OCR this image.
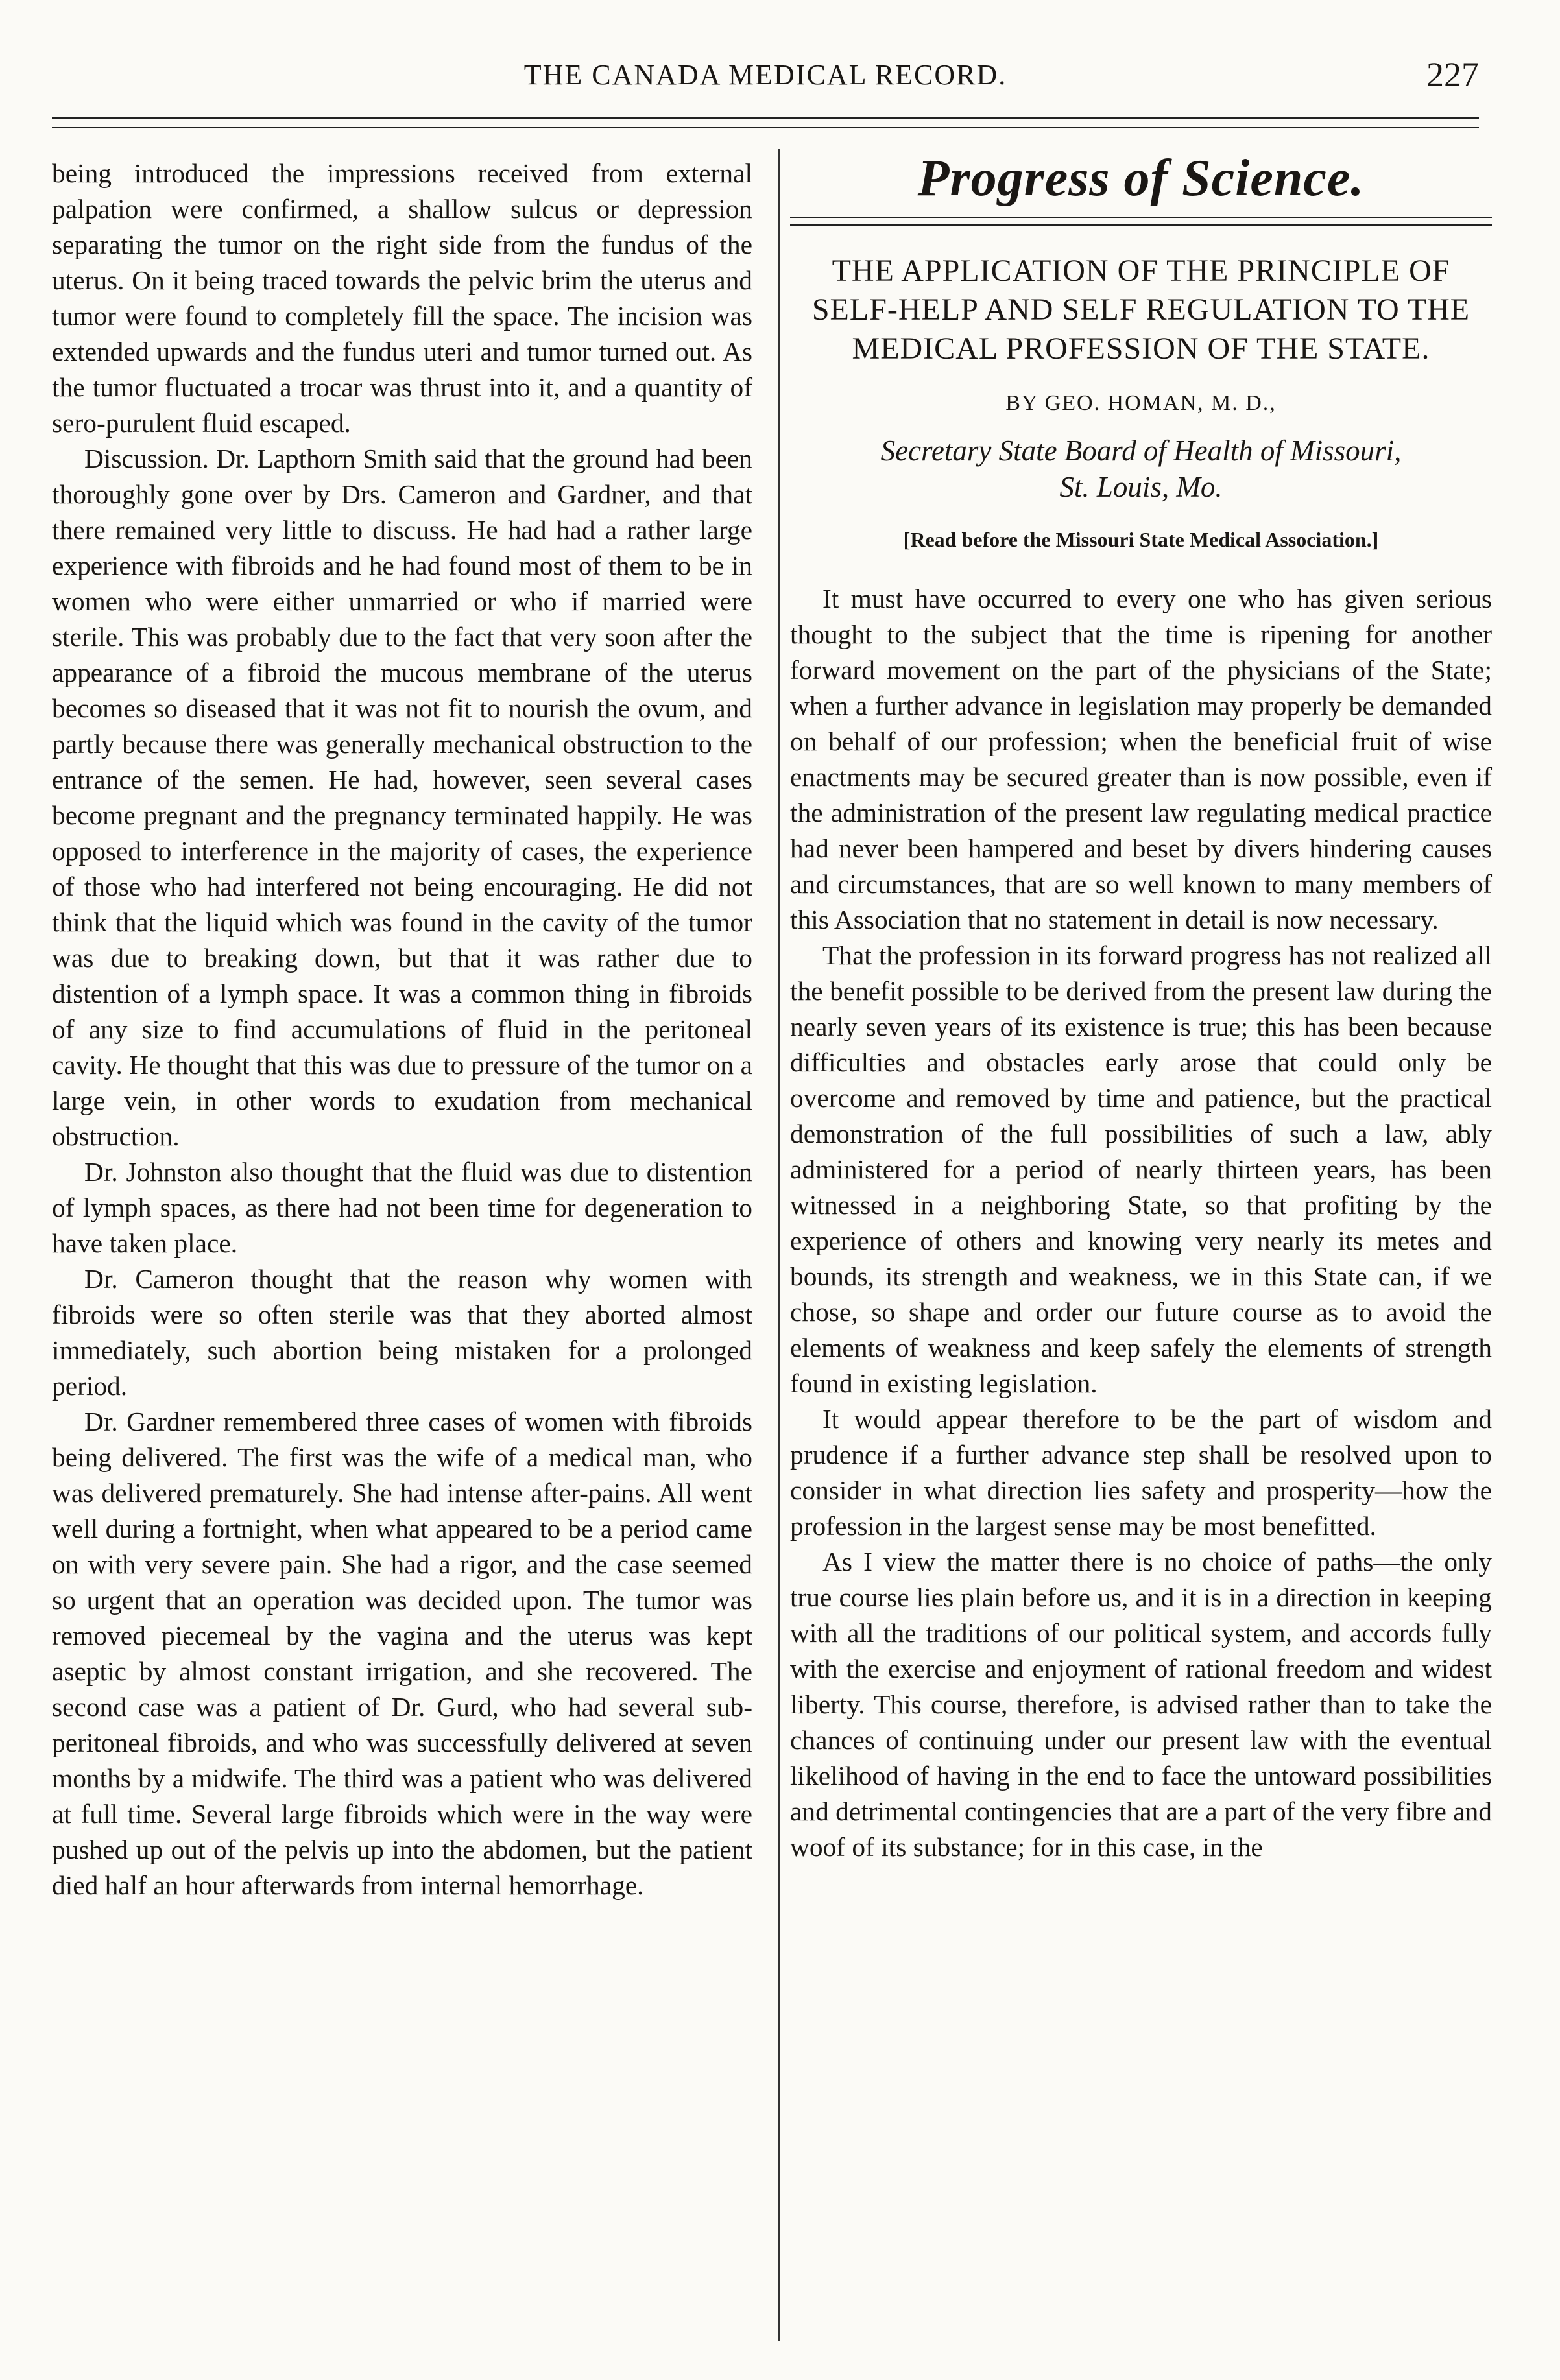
THE CANADA MEDICAL RECORD.	227

being introduced the impressions received from external palpation were confirmed, a shallow sulcus or depression separating the tumor on the right side from the fundus of the uterus. On it being traced towards the pelvic brim the uterus and tumor were found to completely fill the space. The incision was extended upwards and the fundus uteri and tumor turned out. As the tumor fluctuated a trocar was thrust into it, and a quantity of sero-purulent fluid escaped.

Discussion. Dr. Lapthorn Smith said that the ground had been thoroughly gone over by Drs. Cameron and Gardner, and that there remained very little to discuss. He had had a rather large experience with fibroids and he had found most of them to be in women who were either unmarried or who if married were sterile. This was probably due to the fact that very soon after the appearance of a fibroid the mucous membrane of the uterus becomes so diseased that it was not fit to nourish the ovum, and partly because there was generally mechanical obstruction to the entrance of the semen. He had, however, seen several cases become pregnant and the pregnancy terminated happily. He was opposed to interference in the majority of cases, the experience of those who had interfered not being encouraging. He did not think that the liquid which was found in the cavity of the tumor was due to breaking down, but that it was rather due to distention of a lymph space. It was a common thing in fibroids of any size to find accumulations of fluid in the peritoneal cavity. He thought that this was due to pressure of the tumor on a large vein, in other words to exudation from mechanical obstruction.

Dr. Johnston also thought that the fluid was due to distention of lymph spaces, as there had not been time for degeneration to have taken place.

Dr. Cameron thought that the reason why women with fibroids were so often sterile was that they aborted almost immediately, such abortion being mistaken for a prolonged period.

Dr. Gardner remembered three cases of women with fibroids being delivered. The first was the wife of a medical man, who was delivered prematurely. She had intense after-pains. All went well during a fortnight, when what appeared to be a period came on with very severe pain. She had a rigor, and the case seemed so urgent that an operation was decided upon. The tumor was removed piecemeal by the vagina and the uterus was kept aseptic by almost constant irrigation, and she recovered. The second case was a patient of Dr. Gurd, who had several sub-peritoneal fibroids, and who was successfully delivered at seven months by a midwife. The third was a patient who was delivered at full time. Several large fibroids which were in the way were pushed up out of the pelvis up into the abdomen, but the patient died half an hour afterwards from internal hemorrhage.

Progress of Science.
THE APPLICATION OF THE PRINCIPLE OF SELF-HELP AND SELF REGULATION TO THE MEDICAL PROFESSION OF THE STATE.
BY GEO. HOMAN, M. D.,
Secretary State Board of Health of Missouri,
St. Louis, Mo.
[Read before the Missouri State Medical Association.]

It must have occurred to every one who has given serious thought to the subject that the time is ripening for another forward movement on the part of the physicians of the State; when a further advance in legislation may properly be demanded on behalf of our profession; when the beneficial fruit of wise enactments may be secured greater than is now possible, even if the administration of the present law regulating medical practice had never been hampered and beset by divers hindering causes and circumstances, that are so well known to many members of this Association that no statement in detail is now necessary.

That the profession in its forward progress has not realized all the benefit possible to be derived from the present law during the nearly seven years of its existence is true; this has been because difficulties and obstacles early arose that could only be overcome and removed by time and patience, but the practical demonstration of the full possibilities of such a law, ably administered for a period of nearly thirteen years, has been witnessed in a neighboring State, so that profiting by the experience of others and knowing very nearly its metes and bounds, its strength and weakness, we in this State can, if we chose, so shape and order our future course as to avoid the elements of weakness and keep safely the elements of strength found in existing legislation.

It would appear therefore to be the part of wisdom and prudence if a further advance step shall be resolved upon to consider in what direction lies safety and prosperity—how the profession in the largest sense may be most benefitted.

As I view the matter there is no choice of paths—the only true course lies plain before us, and it is in a direction in keeping with all the traditions of our political system, and accords fully with the exercise and enjoyment of rational freedom and widest liberty. This course, therefore, is advised rather than to take the chances of continuing under our present law with the eventual likelihood of having in the end to face the untoward possibilities and detrimental contingencies that are a part of the very fibre and woof of its substance; for in this case, in the
